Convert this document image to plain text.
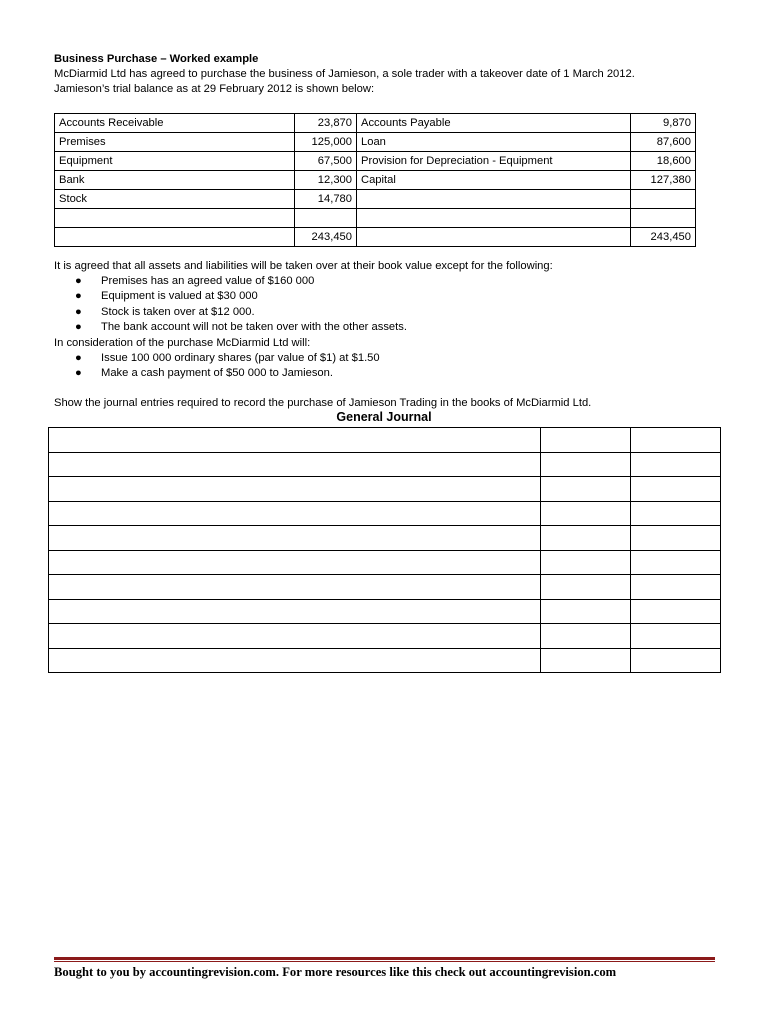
Business Purchase – Worked example

McDiarmid Ltd has agreed to purchase the business of Jamieson, a sole trader with a takeover date of 1 March 2012.

Jamieson’s trial balance as at 29 February 2012 is shown below:

Accounts Receivable	23,870	Accounts Payable	9,870
Premises	125,000	Loan	87,600
Equipment	67,500	Provision for Depreciation - Equipment	18,600
Bank	12,300	Capital	127,380
Stock	14,780		

	243,450		243,450

It is agreed that all assets and liabilities will be taken over at their book value except for the following:

● Premises has an agreed value of $160 000
● Equipment is valued at $30 000
● Stock is taken over at $12 000.
● The bank account will not be taken over with the other assets.

In consideration of the purchase McDiarmid Ltd will:

● Issue 100 000 ordinary shares (par value of $1) at $1.50
● Make a cash payment of $50 000 to Jamieson.

Show the journal entries required to record the purchase of Jamieson Trading in the books of McDiarmid Ltd.

General Journal

Bought to you by accountingrevision.com. For more resources like this check out accountingrevision.com
